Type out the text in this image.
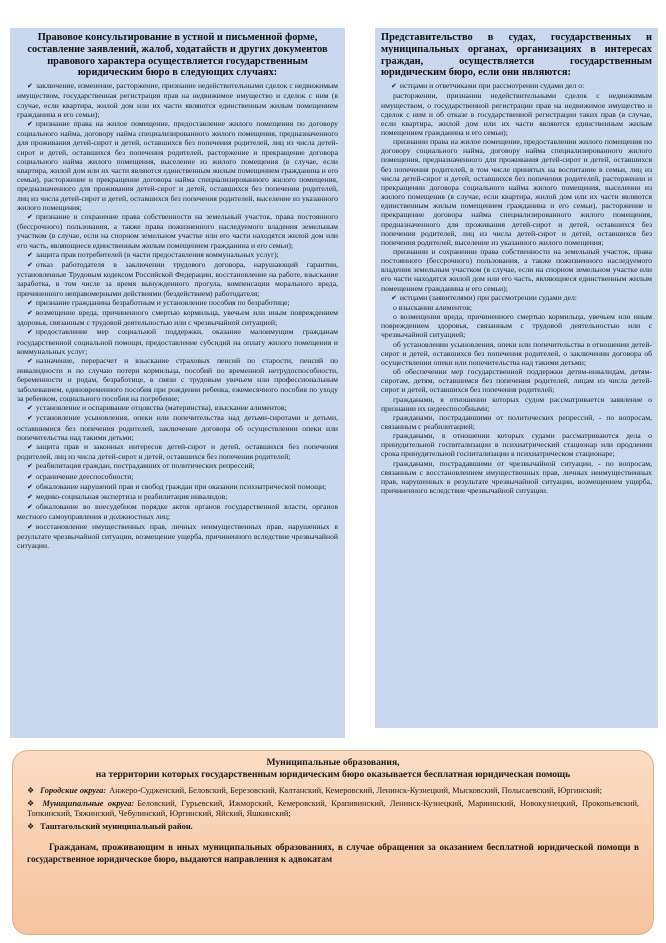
Правовое консультирование в устной и письменной форме, составление заявлений, жалоб, ходатайств и других документов правового характера осуществляется государственным юридическим бюро в следующих случаях:

✔ заключение, изменение, расторжение, признание недействительными сделок с недвижимым имуществом, государственная регистрация прав на недвижимое имущество и сделок с ним (в случае, если квартира, жилой дом или их части являются единственным жилым помещением гражданина и его семьи);

✔ признание права на жилое помещение, предоставление жилого помещения по договору социального найма, договору найма специализированного жилого помещения, предназначенного для проживания детей-сирот и детей, оставшихся без попечения родителей, лиц из числа детей-сирот и детей, оставшихся без попечения родителей, расторжение и прекращение договора социального найма жилого помещения, выселение из жилого помещения (в случае, если квартира, жилой дом или их части являются единственным жилым помещением гражданина и его семьи), расторжение и прекращение договора найма специализированного жилого помещения, предназначенного для проживания детей-сирот и детей, оставшихся без попечения родителей, лиц из числа детей-сирот и детей, оставшихся без попечения родителей, выселение из указанного жилого помещения;

✔ признание и сохранение права собственности на земельный участок, права постоянного (бессрочного) пользования, а также права пожизненного наследуемого владения земельным участком (в случае, если на спорном земельном участке или его части находятся жилой дом или его часть, являющиеся единственным жилым помещением гражданина и его семьи);

✔ защита прав потребителей (в части предоставления коммунальных услуг);

✔ отказ работодателя в заключении трудового договора, нарушающий гарантии, установленные Трудовым кодексом Российской Федерации, восстановление на работе, взыскание заработка, в том числе за время вынужденного прогула, компенсации морального вреда, причиненного неправомерными действиями (бездействием) работодателя;

✔ признание гражданина безработным и установление пособия по безработице;

✔ возмещение вреда, причиненного смертью кормильца, увечьем или иным повреждением здоровья, связанным с трудовой деятельностью или с чрезвычайной ситуацией;

✔ предоставление мер социальной поддержки, оказание малоимущим гражданам государственной социальной помощи, предоставление субсидий на оплату жилого помещения и коммунальных услуг;

✔ назначение, перерасчет и взыскание страховых пенсий по старости, пенсий по инвалидности и по случаю потери кормильца, пособий по временной нетрудоспособности, беременности и родам, безработице, в связи с трудовым увечьем или профессиональным заболеванием, единовременного пособия при рождении ребенка, ежемесячного пособия по уходу за ребенком, социального пособия на погребение;

✔ установление и оспаривание отцовства (материнства), взыскание алиментов;

✔ установление усыновления, опеки или попечительства над детьми-сиротами и детьми, оставшимися без попечения родителей, заключение договора об осуществлении опеки или попечительства над такими детьми;

✔ защита прав и законных интересов детей-сирот и детей, оставшихся без попечения родителей, лиц из числа детей-сирот и детей, оставшихся без попечения родителей;

✔ реабилитация граждан, пострадавших от политических репрессий;

✔ ограничение дееспособности;

✔ обжалование нарушений прав и свобод граждан при оказании психиатрической помощи;

✔ медико-социальная экспертиза и реабилитация инвалидов;

✔ обжалование во внесудебном порядке актов органов государственной власти, органов местного самоуправления и должностных лиц;

✔ восстановление имущественных прав, личных неимущественных прав, нарушенных в результате чрезвычайной ситуации, возмещение ущерба, причиненного вследствие чрезвычайной ситуации.

Представительство в судах, государственных и муниципальных органах, организациях в интересах граждан, осуществляется государственным юридическим бюро, если они являются:

✔ истцами и ответчиками при рассмотрении судами дел о:

расторжении, признании недействительными сделок с недвижимым имуществом, о государственной регистрации прав на недвижимое имущество и сделок с ним и об отказе в государственной регистрации таких прав (в случае, если квартира, жилой дом или их части являются единственным жилым помещением гражданина и его семьи);

признании права на жилое помещение, предоставлении жилого помещения по договору социального найма, договору найма специализированного жилого помещения, предназначенного для проживания детей-сирот и детей, оставшихся без попечения родителей, в том числе принятых на воспитание в семьи, лиц из числа детей-сирот и детей, оставшихся без попечения родителей, расторжении и прекращении договора социального найма жилого помещения, выселении из жилого помещения (в случае, если квартира, жилой дом или их части являются единственным жилым помещением гражданина и его семьи), расторжение и прекращение договора найма специализированного жилого помещения, предназначенного для проживания детей-сирот и детей, оставшихся без попечения родителей, лиц из числа детей-сирот и детей, оставшихся без попечения родителей, выселение из указанного жилого помещения;

признании и сохранении права собственности на земельный участок, права постоянного (бессрочного) пользования, а также пожизненного наследуемого владения земельным участком (в случае, если на спорном земельном участке или его части находятся жилой дом или его часть, являющиеся единственным жилым помещением гражданина и его семьи);

✔ истцами (заявителями) при рассмотрении судами дел:

о взыскании алиментов;

о возмещении вреда, причиненного смертью кормильца, увечьем или иным повреждением здоровья, связанным с трудовой деятельностью или с чрезвычайной ситуацией;

об установлении усыновления, опеки или попечительства в отношении детей-сирот и детей, оставшихся без попечения родителей, о заключении договора об осуществлении опеки или попечительства над такими детьми;

об обеспечении мер государственной поддержки детям-инвалидам, детям-сиротам, детям, оставшимся без попечения родителей, лицам из числа детей-сирот и детей, оставшихся без попечения родителей;

гражданами, в отношении которых судом рассматривается заявление о признании их недееспособными;

гражданами, пострадавшими от политических репрессий, - по вопросам, связанным с реабилитацией;

гражданами, в отношении которых судами рассматриваются дела о принудительной госпитализации в психиатрический стационар или продлении срока принудительной госпитализации в психиатрическом стационаре;

гражданами, пострадавшими от чрезвычайной ситуации, - по вопросам, связанным с восстановлением имущественных прав, личных неимущественных прав, нарушенных в результате чрезвычайной ситуации, возмещением ущерба, причиненного вследствие чрезвычайной ситуации.

Муниципальные образования,
на территории которых государственным юридическим бюро оказывается бесплатная юридическая помощь

❖ Городские округа: Анжеро-Судженский, Беловский, Березовский, Калтанский, Кемеровский, Ленинск-Кузнецкий, Мысковский, Полысаевский, Юргинский;

❖ Муниципальные округа: Беловский, Гурьевский, Ижморский, Кемеровский, Крапивинский, Ленинск-Кузнецкий, Мариинский, Новокузнецкий, Прокопьевский, Топкинский, Тяжинский, Чебулинский, Юргинский, Яйский, Яшкинский;

❖ Таштагольский муниципальный район.

Гражданам, проживающим в иных муниципальных образованиях, в случае обращения за оказанием бесплатной юридической помощи в государственное юридическое бюро, выдаются направления к адвокатам
